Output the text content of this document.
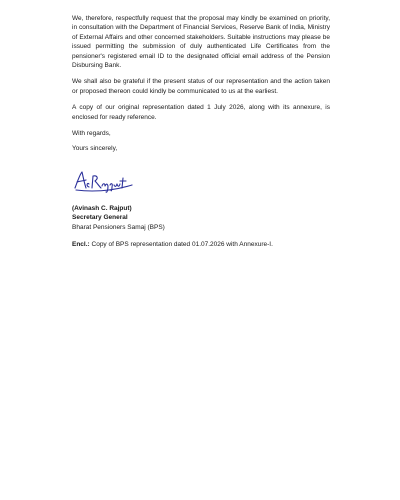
We, therefore, respectfully request that the proposal may kindly be examined on priority, in consultation with the Department of Financial Services, Reserve Bank of India, Ministry of External Affairs and other concerned stakeholders. Suitable instructions may please be issued permitting the submission of duly authenticated Life Certificates from the pensioner's registered email ID to the designated official email address of the Pension Disbursing Bank.

We shall also be grateful if the present status of our representation and the action taken or proposed thereon could kindly be communicated to us at the earliest.

A copy of our original representation dated 1 July 2026, along with its annexure, is enclosed for ready reference.

With regards,

Yours sincerely,

(Avinash C. Rajput)

Secretary General

Bharat Pensioners Samaj (BPS)

Encl.: Copy of BPS representation dated 01.07.2026 with Annexure-I.
